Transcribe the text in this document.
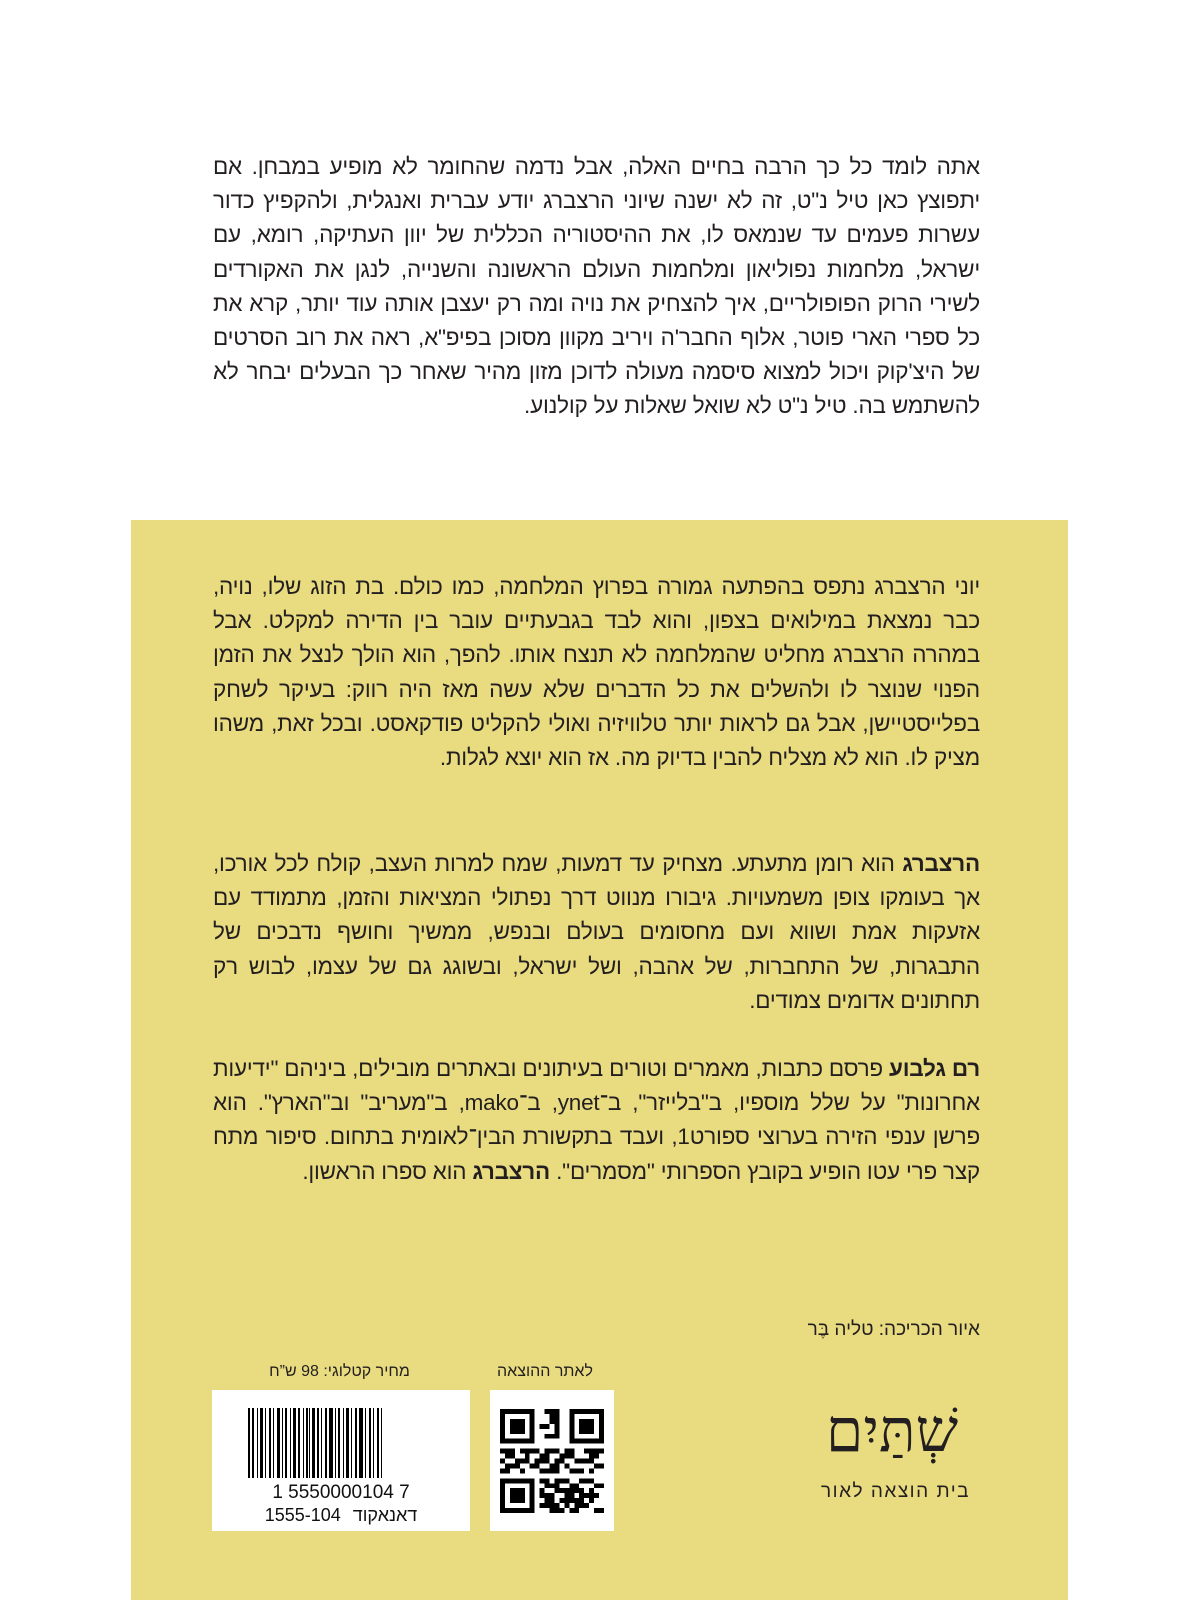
אתה לומד כל כך הרבה בחיים האלה, אבל נדמה שהחומר לא מופיע במבחן. אם יתפוצץ כאן טיל נ"ט, זה לא ישנה שיוני הרצברג יודע עברית ואנגלית, ולהקפיץ כדור עשרות פעמים עד שנמאס לו, את ההיסטוריה הכללית של יוון העתיקה, רומא, עם ישראל, מלחמות נפוליאון ומלחמות העולם הראשונה והשנייה, לנגן את האקורדים לשירי הרוק הפופולריים, איך להצחיק את נויה ומה רק יעצבן אותה עוד יותר, קרא את כל ספרי הארי פוטר, אלוף החבר'ה ויריב מקוון מסוכן בפיפ"א, ראה את רוב הסרטים של היצ'קוק ויכול למצוא סיסמה מעולה לדוכן מזון מהיר שאחר כך הבעלים יבחר לא להשתמש בה. טיל נ"ט לא שואל שאלות על קולנוע.

יוני הרצברג נתפס בהפתעה גמורה בפרוץ המלחמה, כמו כולם. בת הזוג שלו, נויה, כבר נמצאת במילואים בצפון, והוא לבד בגבעתיים עובר בין הדירה למקלט. אבל במהרה הרצברג מחליט שהמלחמה לא תנצח אותו. להפך, הוא הולך לנצל את הזמן הפנוי שנוצר לו ולהשלים את כל הדברים שלא עשה מאז היה רווק: בעיקר לשחק בפלייסטיישן, אבל גם לראות יותר טלוויזיה ואולי להקליט פודקאסט. ובכל זאת, משהו מציק לו. הוא לא מצליח להבין בדיוק מה. אז הוא יוצא לגלות.

הרצברג הוא רומן מתעתע. מצחיק עד דמעות, שמח למרות העצב, קולח לכל אורכו, אך בעומקו צופן משמעויות. גיבורו מנווט דרך נפתולי המציאות והזמן, מתמודד עם אזעקות אמת ושווא ועם מחסומים בעולם ובנפש, ממשיך וחושף נדבכים של התבגרות, של התחברות, של אהבה, ושל ישראל, ובשוגג גם של עצמו, לבוש רק תחתונים אדומים צמודים.

רם גלבוע פרסם כתבות, מאמרים וטורים בעיתונים ובאתרים מובילים, ביניהם "ידיעות אחרונות" על שלל מוספיו, ב"בלייזר", ב־ynet, ב־mako, ב"מעריב" וב"הארץ". הוא פרשן ענפי הזירה בערוצי ספורט1, ועבד בתקשורת הבין־לאומית בתחום. סיפור מתח קצר פרי עטו הופיע בקובץ הספרותי "מסמרים". הרצברג הוא ספרו הראשון.

איור הכריכה: טליה בֶּר
מחיר קטלוגי: 98 ש”ח	לאתר ההוצאה
1 5550000104 7
דאנאקוד1555-104
שְׁתַּיִם
בית הוצאה לאור
